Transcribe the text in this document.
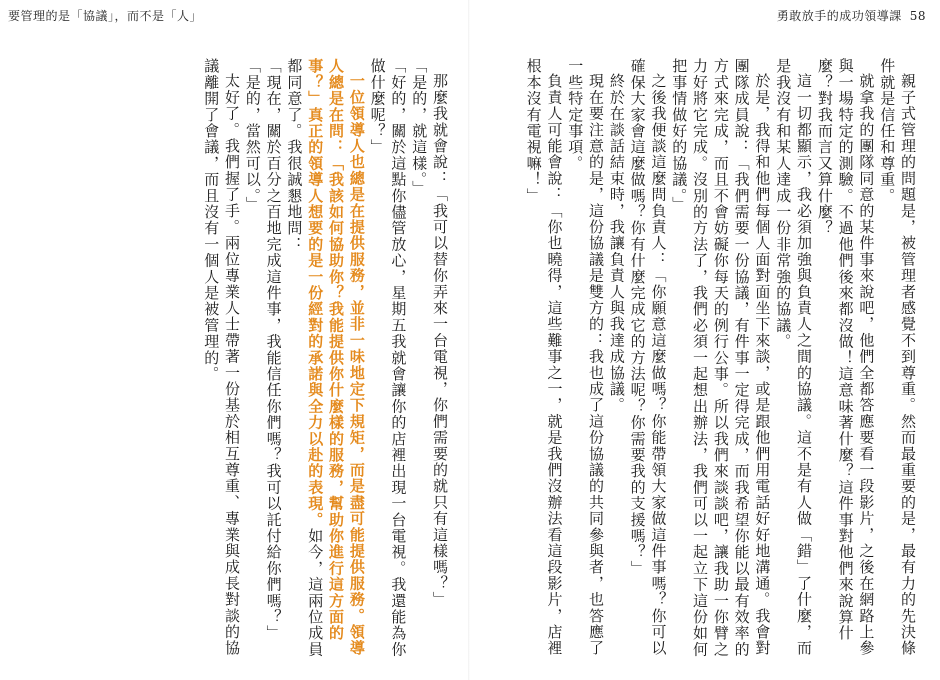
要管理的是「協議」，而不是「人」

那麼我就會說：「我可以替你弄來一台電視，你們需要的就只有這樣嗎？」

「是的，就這樣。」

「好的，關於這點你儘管放心，星期五我就會讓你的店裡出現一台電視。我還能為你做什麼呢？」

一位領導人也總是在提供服務，並非一味地定下規矩，而是盡可能提供服務。領導人總是在問：「我該如何協助你？我能提供你什麼樣的服務，幫助你進行這方面的事？」真正的領導人想要的是一份經對的承諾與全力以赴的表現。如今，這兩位成員都同意了。我很誠懇地問：

「現在，關於百分之百地完成這件事，我能信任你們嗎？我可以託付給你們嗎？」

「是的，當然可以。」

太好了。我們握了手。兩位專業人士帶著一份基於相互尊重、專業與成長對談的協議離開了會議，而且沒有一個人是被管理的。

勇敢放手的成功領導課 58

親子式管理的問題是，被管理者感覺不到尊重。然而最重要的是，最有力的先決條件就是信任和尊重。

就拿我的團隊同意的某件事來說吧，他們全都答應要看一段影片，之後在網路上參與一場特定的測驗。不過他們後來都沒做！這意味著什麼？這件事對他們來說算什麼？對我而言又算什麼？

這一切都顯示，我必須加強與負責人之間的協議。這不是有人做「錯」了什麼，而是我沒有和某人達成一份非常強的協議。

於是，我得和他們每個人面對面坐下來談，或是跟他們用電話好好地溝通。我會對團隊成員說：「我們需要一份協議，有件事一定得完成，而我希望你能以最有效率的方式來完成，而且不會妨礙你每天的例行公事。所以我們來談談吧，讓我助一你臂之力好將它完成。沒別的方法了，我們必須一起想出辦法，我們可以一起立下這份如何把事情做好的協議。」

之後我便談這麼問負責人：「你願意這麼做嗎？你能帶領大家做這件事嗎？你可以確保大家會這麼做嗎？你有什麼完成它的方法呢？你需要我的支援嗎？」

終於在談話結束時，我讓負責人與我達成協議。

現在要注意的是，這份協議是雙方的：我也成了這份協議的共同參與者，也答應了一些特定事項。

負責人可能會說：「你也曉得，這些難事之一，就是我們沒辦法看這段影片，店裡根本沒有電視嘛！」
